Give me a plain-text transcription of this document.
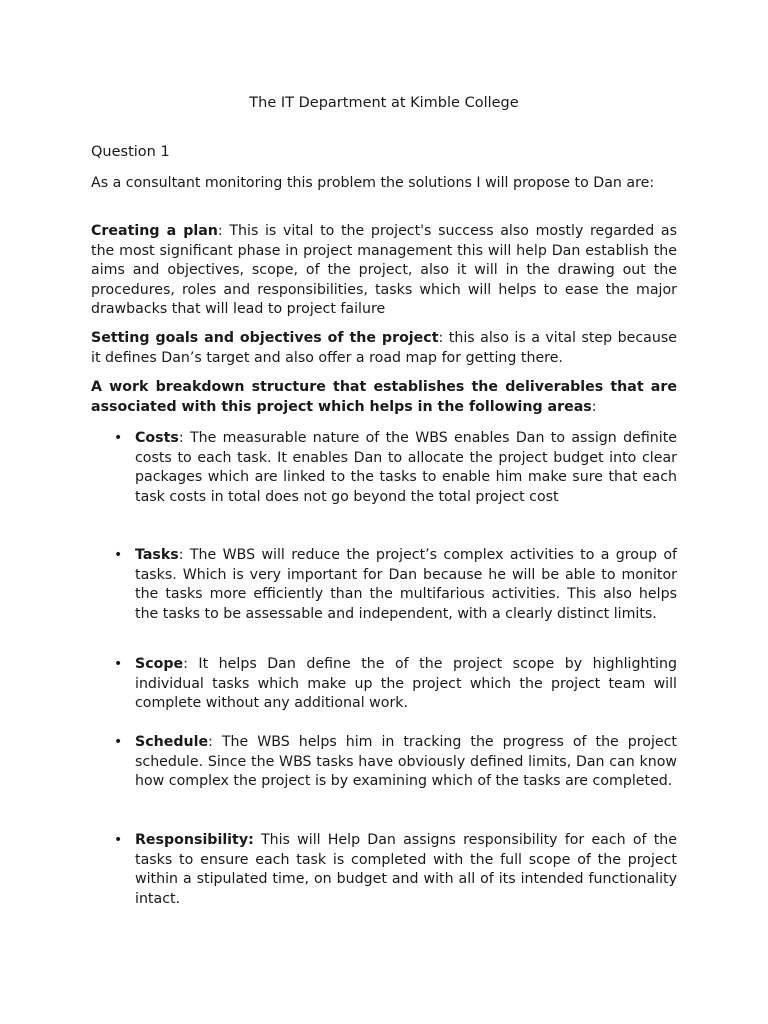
The IT Department at Kimble College
Question 1
As a consultant monitoring this problem the solutions I will propose to Dan are:
Creating a plan: This is vital to the project's success also mostly regarded as the most significant phase in project management this will help Dan establish the aims and objectives, scope, of the project, also it will in the drawing out the procedures, roles and responsibilities, tasks which will helps to ease the major drawbacks that will lead to project failure
Setting goals and objectives of the project: this also is a vital step because it defines Dan’s target and also offer a road map for getting there.
A work breakdown structure that establishes the deliverables that are associated with this project which helps in the following areas:
• Costs: The measurable nature of the WBS enables Dan to assign definite costs to each task. It enables Dan to allocate the project budget into clear packages which are linked to the tasks to enable him make sure that each task costs in total does not go beyond the total project cost
• Tasks: The WBS will reduce the project’s complex activities to a group of tasks. Which is very important for Dan because he will be able to monitor the tasks more efficiently than the multifarious activities. This also helps the tasks to be assessable and independent, with a clearly distinct limits.
• Scope: It helps Dan define the of the project scope by highlighting individual tasks which make up the project which the project team will complete without any additional work.
• Schedule: The WBS helps him in tracking the progress of the project schedule. Since the WBS tasks have obviously defined limits, Dan can know how complex the project is by examining which of the tasks are completed.
• Responsibility: This will Help Dan assigns responsibility for each of the tasks to ensure each task is completed with the full scope of the project within a stipulated time, on budget and with all of its intended functionality intact.
